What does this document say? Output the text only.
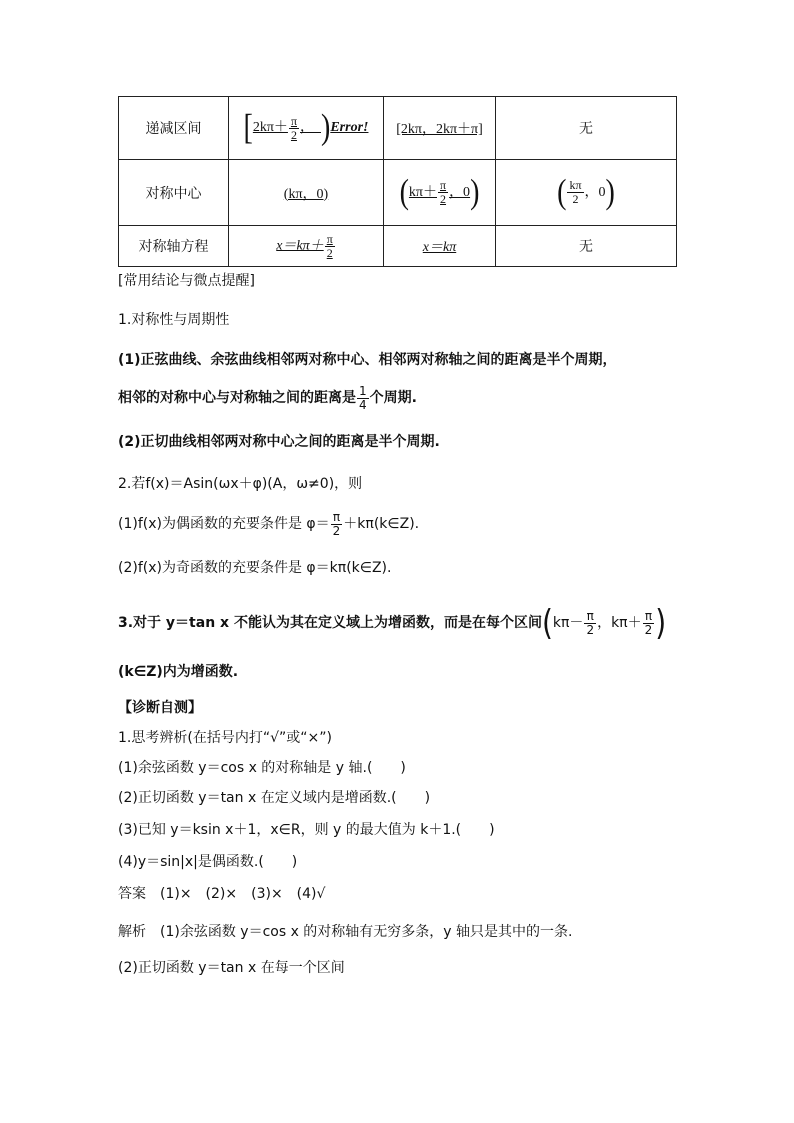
递减区间	[$2k\pi+ \frac{\pi}{2}$ ， )Error!	[2kπ，2kπ＋π]	无
对称中心	(kπ，0)	($k\pi+ \frac{\pi}{2}$ ，0)	( $\frac{k\pi}{2}$ ，0)
对称轴方程	$x=k\pi+ \frac{\pi}{2}$	x＝kπ	无
[常用结论与微点提醒]
1.对称性与周期性
(1)正弦曲线、余弦曲线相邻两对称中心、相邻两对称轴之间的距离是半个周期，
相邻的对称中心与对称轴之间的距离是 $\frac{1}{4}$ 个周期.
(2)正切曲线相邻两对称中心之间的距离是半个周期.
2.若f(x)＝Asin(ωx＋φ)(A，ω≠0)，则
(1)f(x)为偶函数的充要条件是 $\varphi= \frac{\pi}{2}$ ＋kπ(k∈Z).
(2)f(x)为奇函数的充要条件是 φ＝kπ(k∈Z).
3.对于 y＝tan x 不能认为其在定义域上为增函数，而是在每个区间($k\pi- \frac{\pi}{2}$ ，$k\pi+ \frac{\pi}{2}$ )
(k∈Z)内为增函数.
【诊断自测】
1.思考辨析(在括号内打“√”或“×”)
(1)余弦函数 y＝cos x 的对称轴是 y 轴.(　　)
(2)正切函数 y＝tan x 在定义域内是增函数.(　　)
(3)已知 y＝ksin x＋1，x∈R，则 y 的最大值为 k＋1.(　　)
(4)y＝sin|x|是偶函数.(　　)
答案　(1)×　(2)×　(3)×　(4)√
解析　(1)余弦函数 y＝cos x 的对称轴有无穷多条，y 轴只是其中的一条.
(2)正切函数 y＝tan x 在每一个区间
